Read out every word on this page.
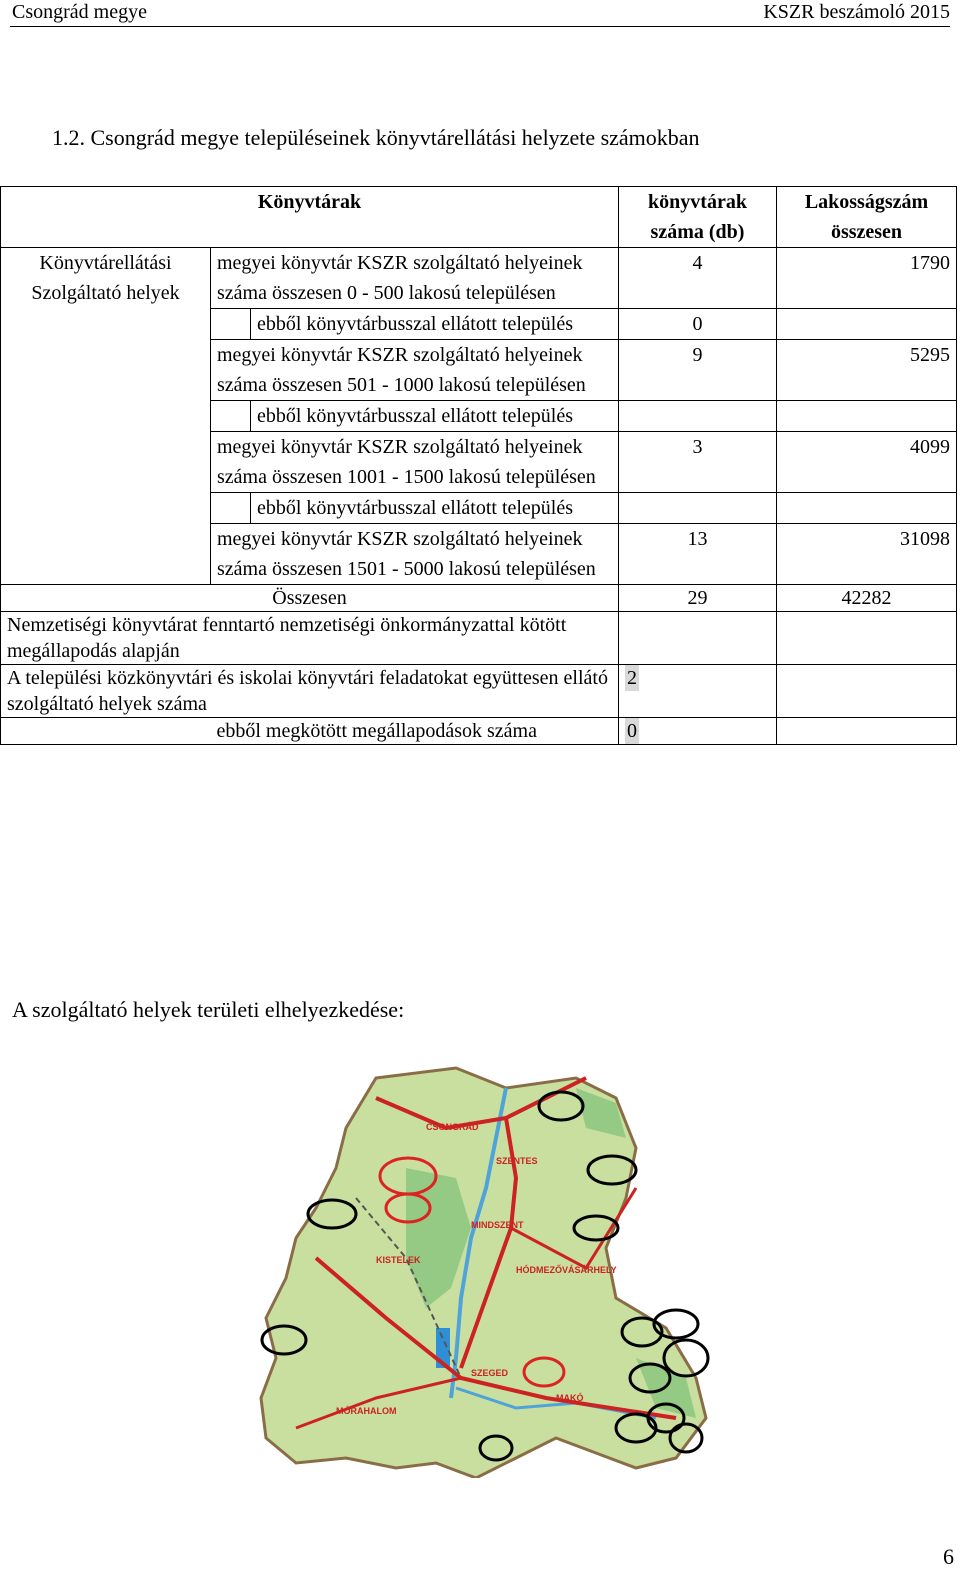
Csongrád megye	KSZR beszámoló 2015
1.2. Csongrád megye településeinek könyvtárellátási helyzete számokban
Könyvtárak			könyvtárak száma (db)	Lakosságszám összesen
Könyvtárellátási Szolgáltató helyek	megyei könyvtár KSZR szolgáltató helyeinek száma összesen 0 - 500 lakosú településen		4	1790
		ebből könyvtárbusszal ellátott település	0	
	megyei könyvtár KSZR szolgáltató helyeinek száma összesen 501 - 1000 lakosú településen		9	5295
		ebből könyvtárbusszal ellátott település		
	megyei könyvtár KSZR szolgáltató helyeinek száma összesen 1001 - 1500 lakosú településen		3	4099
		ebből könyvtárbusszal ellátott település		
	megyei könyvtár KSZR szolgáltató helyeinek száma összesen 1501 - 5000 lakosú településen		13	31098
Összesen			29	42282
Nemzetiségi könyvtárat fenntartó nemzetiségi önkormányzattal kötött megállapodás alapján				
A települési közkönyvtári és iskolai könyvtári feladatokat együttesen ellátó szolgáltató helyek száma			2	
	ebből megkötött megállapodások száma		0	
A szolgáltató helyek területi elhelyezkedése:
CSONGRÁD
SZENTES
MINDSZENT
KISTELEK
HÓDMEZŐVÁSÁRHELY
SZEGED
MAKÓ
MÓRAHALOM
6
